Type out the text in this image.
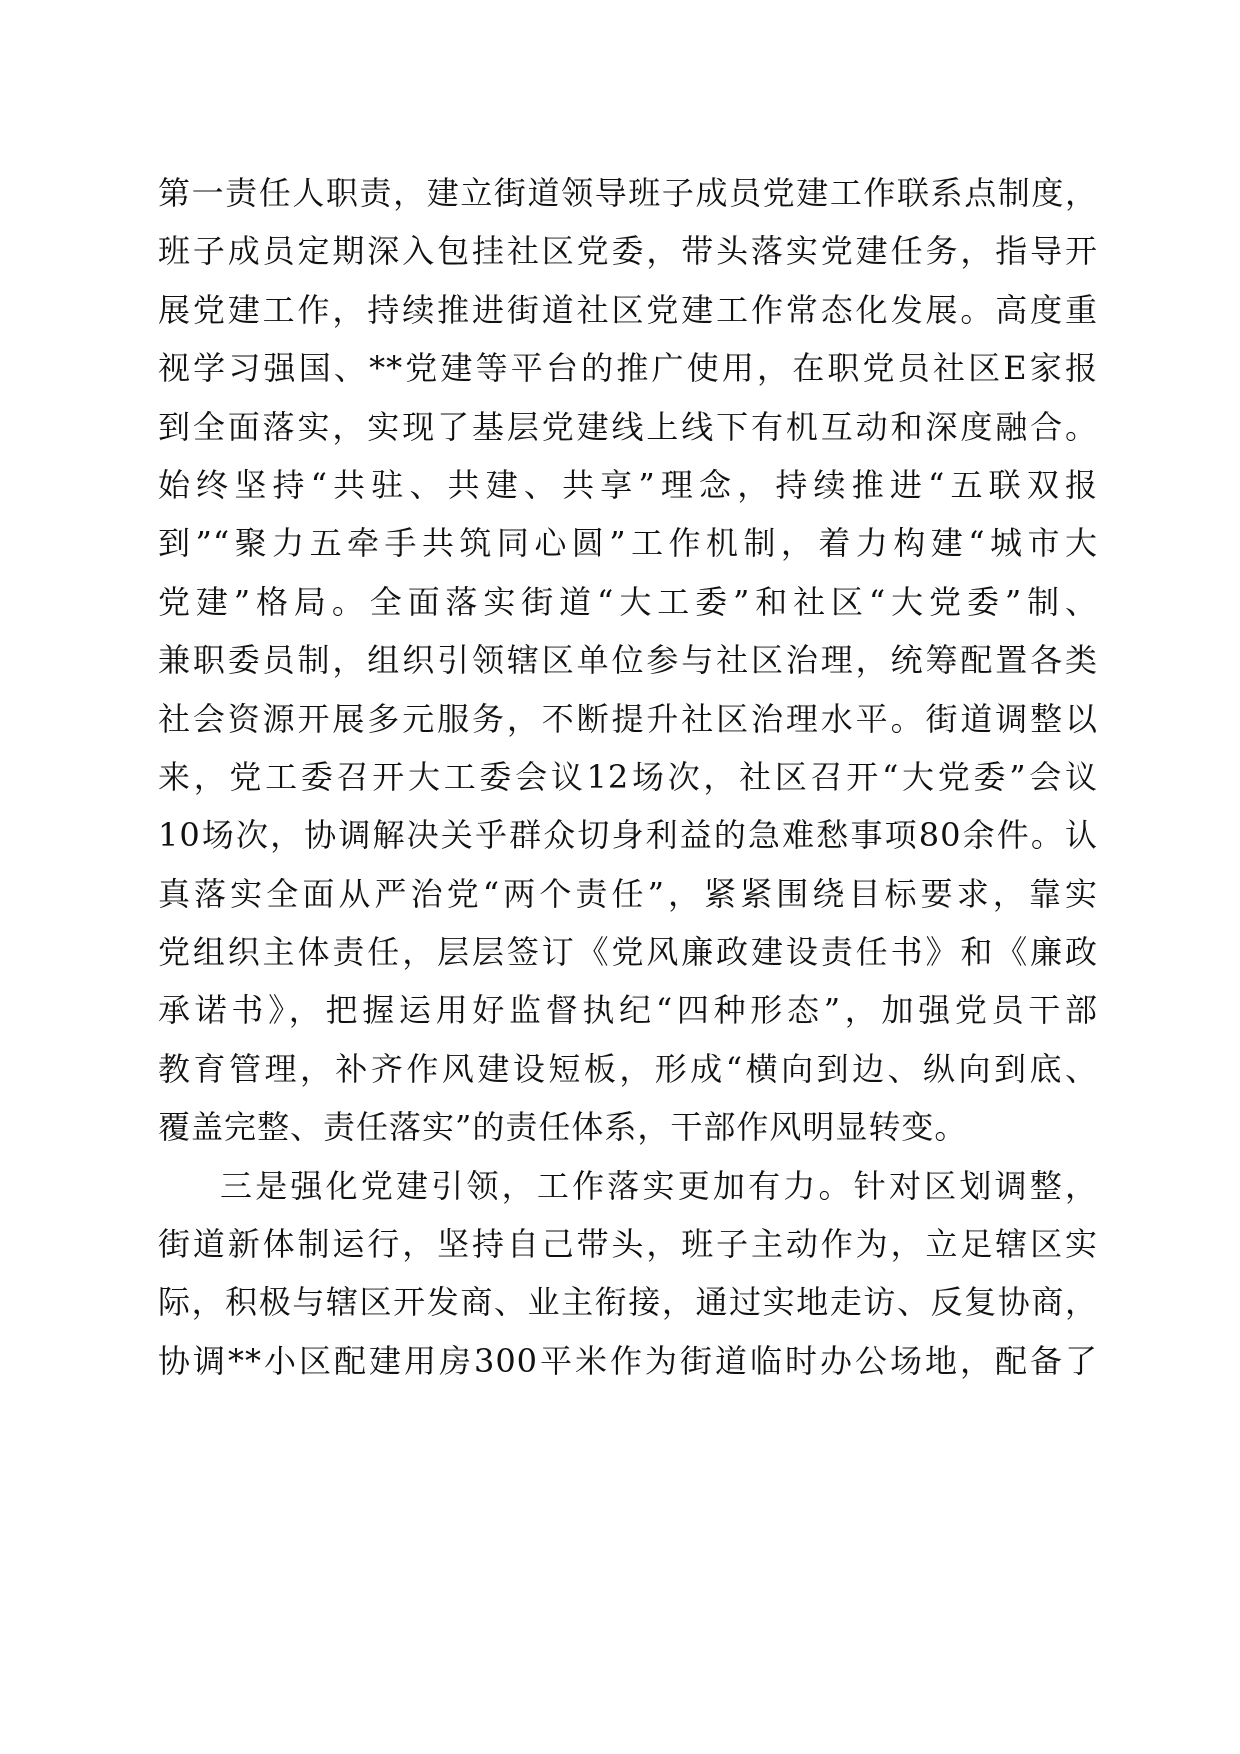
第一责任人职责，建立街道领导班子成员党建工作联系点制度，
班子成员定期深入包挂社区党委，带头落实党建任务，指导开
展党建工作，持续推进街道社区党建工作常态化发展。高度重
视学习强国、**党建等平台的推广使用，在职党员社区E家报
到全面落实，实现了基层党建线上线下有机互动和深度融合。
始终坚持“共驻、共建、共享”理念，持续推进“五联双报
到”“聚力五牵手共筑同心圆”工作机制，着力构建“城市大
党建”格局。全面落实街道“大工委”和社区“大党委”制、
兼职委员制，组织引领辖区单位参与社区治理，统筹配置各类
社会资源开展多元服务，不断提升社区治理水平。街道调整以
来，党工委召开大工委会议12场次，社区召开“大党委”会议
10场次，协调解决关乎群众切身利益的急难愁事项80余件。认
真落实全面从严治党“两个责任”，紧紧围绕目标要求，靠实
党组织主体责任，层层签订《党风廉政建设责任书》和《廉政
承诺书》，把握运用好监督执纪“四种形态”，加强党员干部
教育管理，补齐作风建设短板，形成“横向到边、纵向到底、
覆盖完整、责任落实”的责任体系，干部作风明显转变。
三是强化党建引领，工作落实更加有力。针对区划调整，
街道新体制运行，坚持自己带头，班子主动作为，立足辖区实
际，积极与辖区开发商、业主衔接，通过实地走访、反复协商，
协调**小区配建用房300平米作为街道临时办公场地，配备了
